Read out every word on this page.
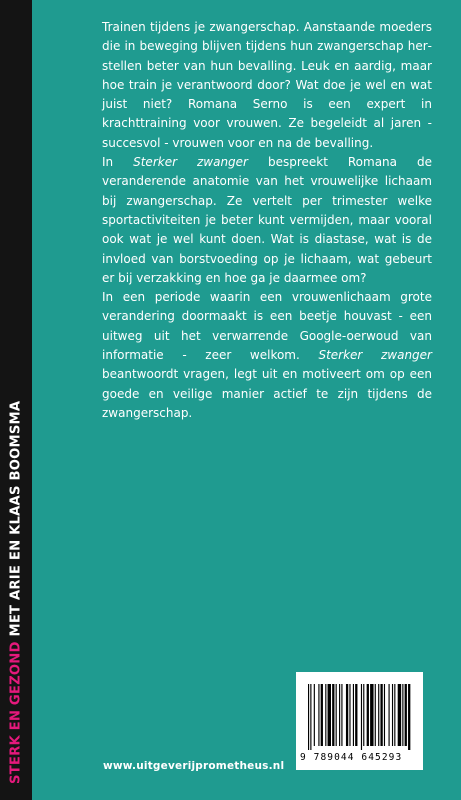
STERK EN GEZOND MET ARIE EN KLAAS BOOMSMA

Trainen tijdens je zwangerschap. Aanstaande moeders die in beweging blijven tijdens hun zwangerschap herstellen beter van hun bevalling. Leuk en aardig, maar hoe train je verantwoord door? Wat doe je wel en wat juist niet? Romana Serno is een expert in krachttraining voor vrouwen. Ze begeleidt al jaren - succesvol - vrouwen voor en na de bevalling.

In Sterker zwanger bespreekt Romana de veranderende anatomie van het vrouwelijke lichaam bij zwangerschap. Ze vertelt per trimester welke sportactiviteiten je beter kunt vermijden, maar vooral ook wat je wel kunt doen. Wat is diastase, wat is de invloed van borstvoeding op je lichaam, wat gebeurt er bij verzakking en hoe ga je daarmee om?

In een periode waarin een vrouwenlichaam grote verandering doormaakt is een beetje houvast - een uitweg uit het verwarrende Google-oerwoud van informatie - zeer welkom. Sterker zwanger beantwoordt vragen, legt uit en motiveert om op een goede en veilige manier actief te zijn tijdens de zwangerschap.

9 789044 645293
www.uitgeverijprometheus.nl
